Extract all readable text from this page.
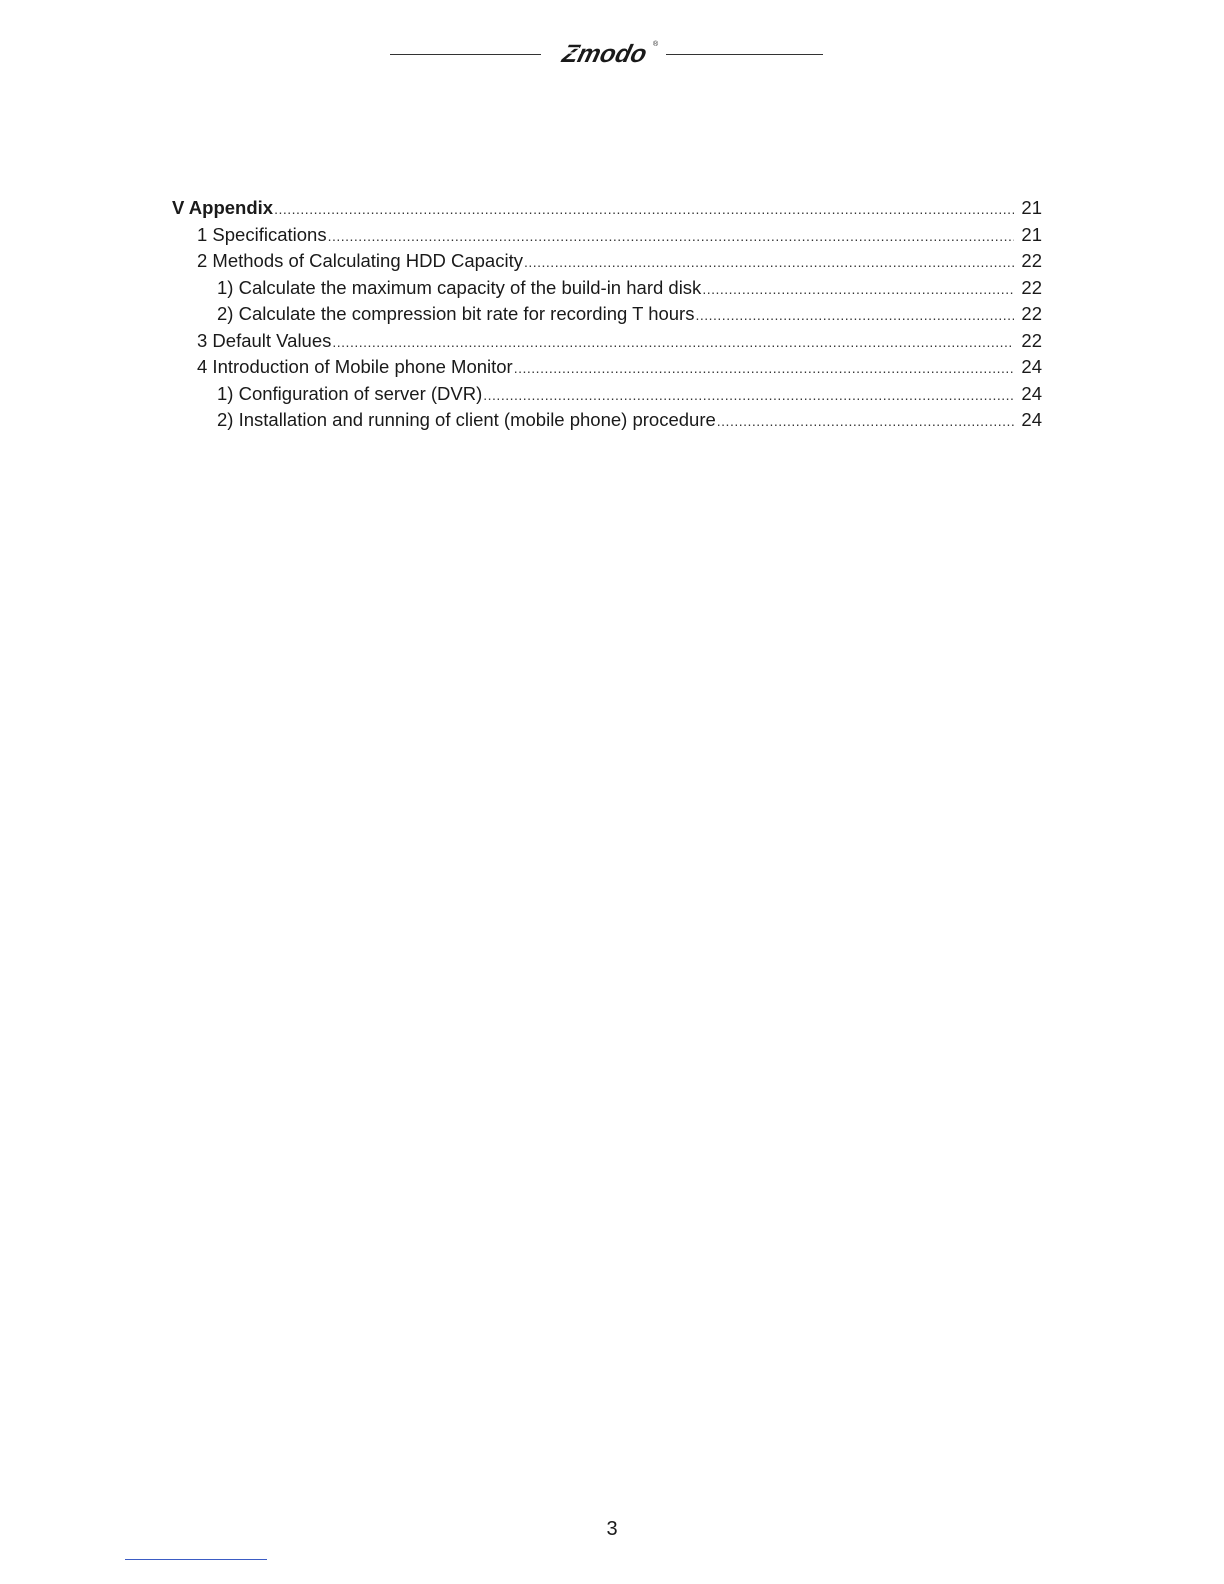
Zmodo ®
V Appendix .....	21
1 Specifications .....	21
2 Methods of Calculating HDD Capacity .....	22
1) Calculate the maximum capacity of the build-in hard disk .....	22
2) Calculate the compression bit rate for recording T hours .....	22
3 Default Values .....	22
4 Introduction of Mobile phone Monitor .....	24
1) Configuration of server (DVR) .....	24
2) Installation and running of client (mobile phone) procedure .....	24
3
